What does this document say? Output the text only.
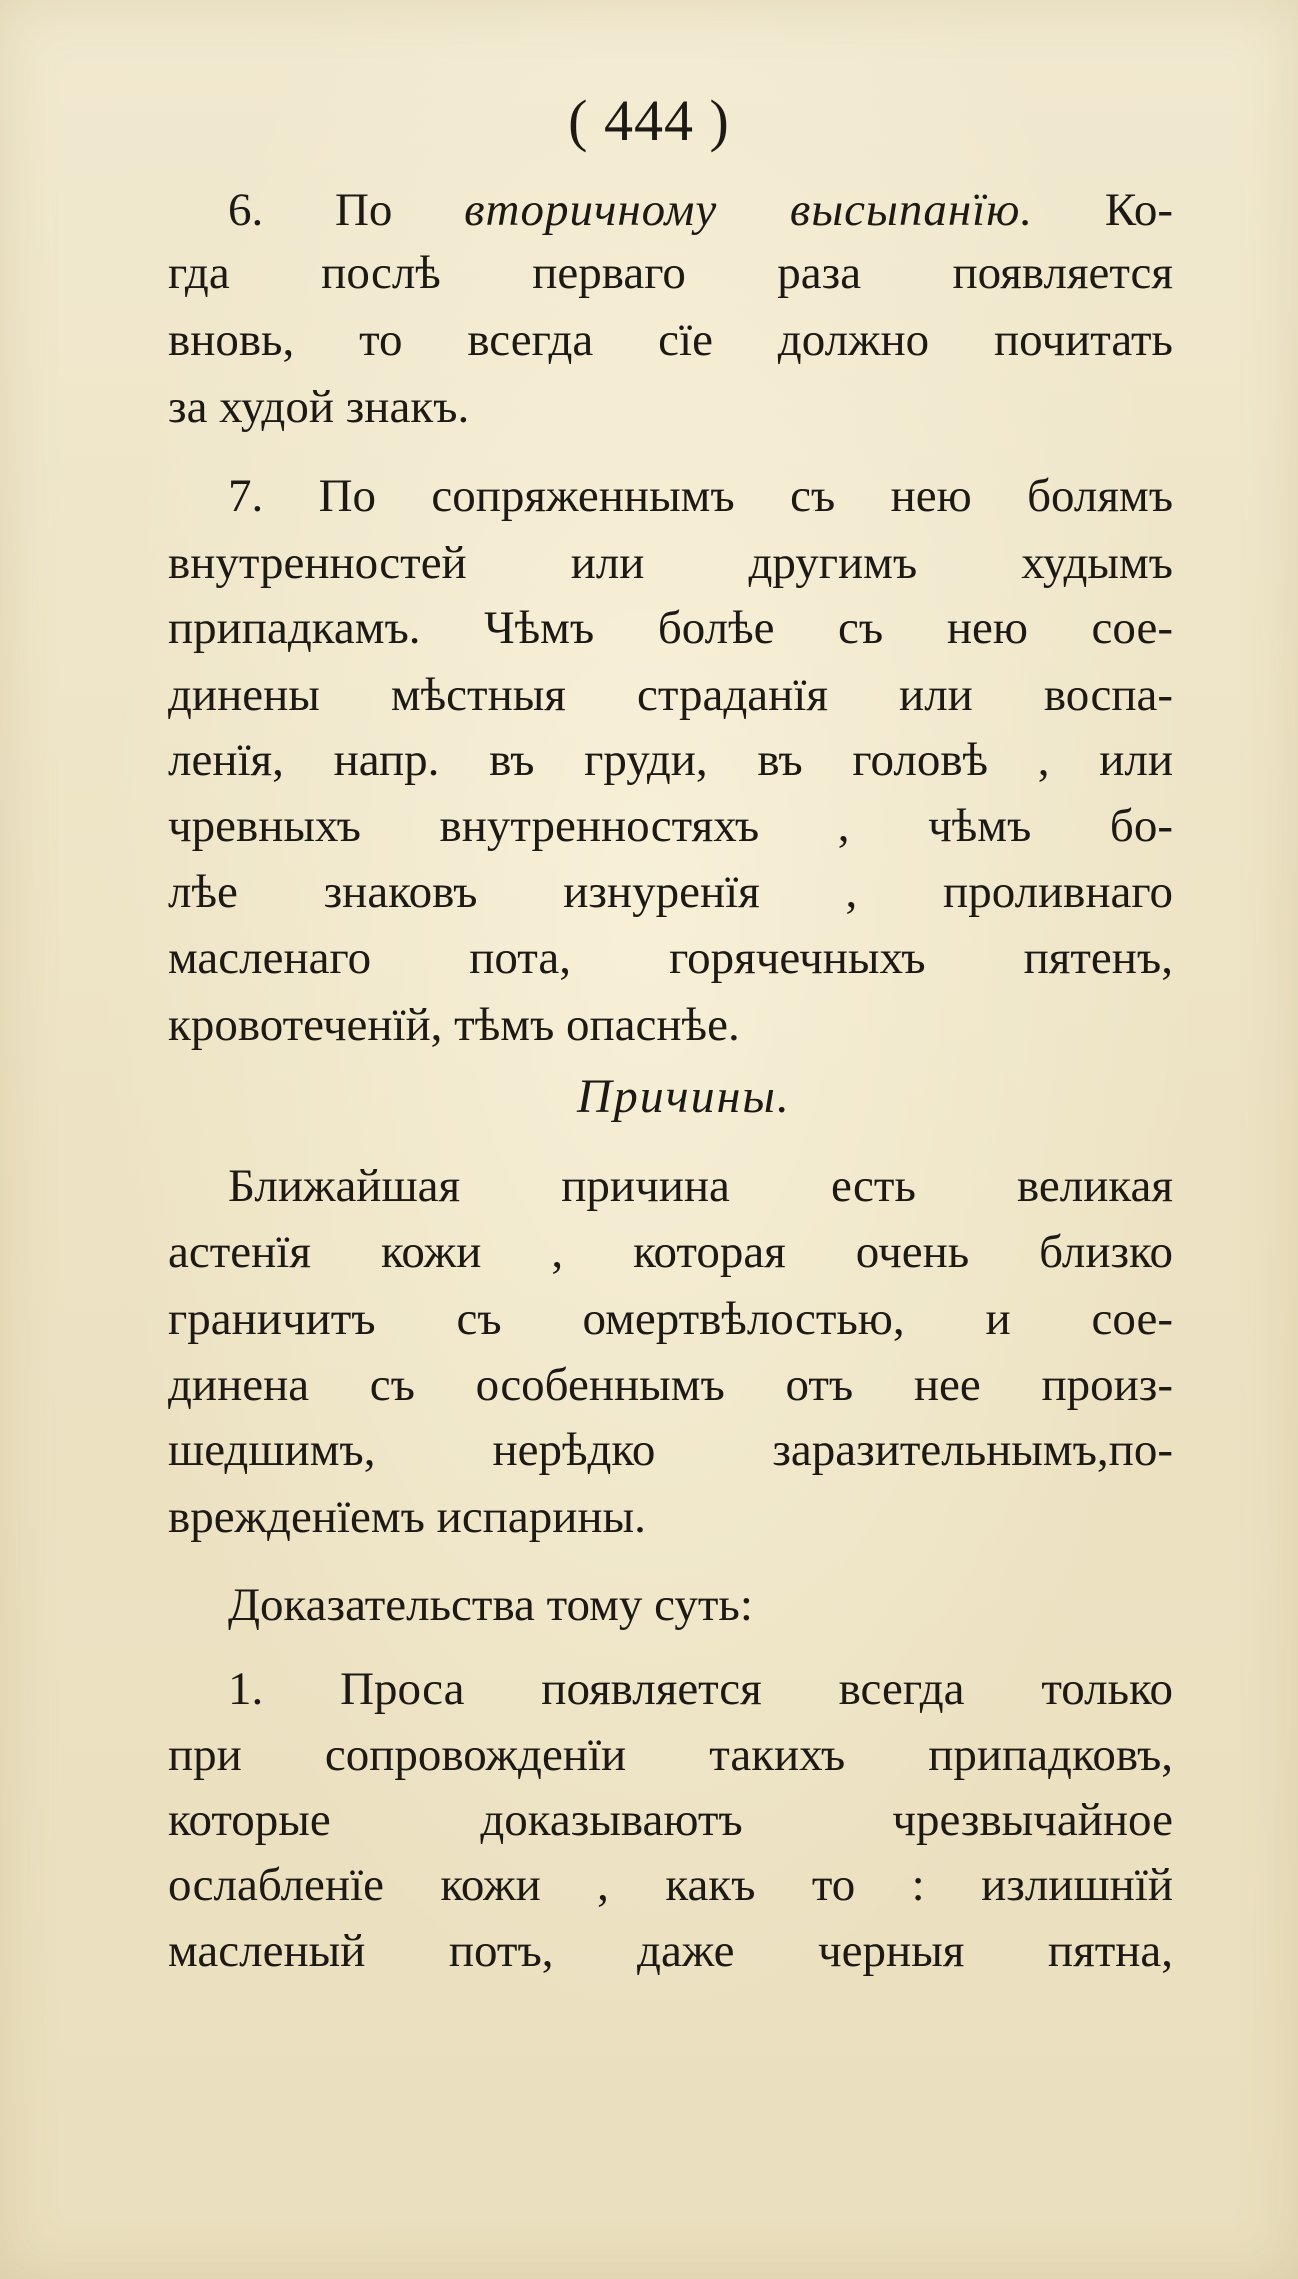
( 444 )
6. По вторичному высыпанїю. Ко-
гда послѣ перваго раза появляется
вновь, то всегда сїе должно почитать
за худой знакъ.
7. По сопряженнымъ съ нею болямъ
внутренностей или другимъ худымъ
припадкамъ. Чѣмъ болѣе съ нею сое-
динены мѣстныя страданїя или воспа-
ленїя, напр. въ груди, въ головѣ , или
чревныхъ внутренностяхъ , чѣмъ бо-
лѣе знаковъ изнуренїя , проливнаго
масленаго пота, горячечныхъ пятенъ,
кровотеченїй, тѣмъ опаснѣе.
Причины.
Ближайшая причина есть великая
астенїя кожи , которая очень близко
граничитъ съ омертвѣлостью, и сое-
динена съ особеннымъ отъ нее произ-
шедшимъ, нерѣдко заразительнымъ,по-
врежденїемъ испарины.
Доказательства тому суть:
1. Проса появляется всегда только
при сопровожденїи такихъ припадковъ,
которые доказываютъ чрезвычайное
ослабленїе кожи , какъ то : излишнїй
масленый потъ, даже черныя пятна,
